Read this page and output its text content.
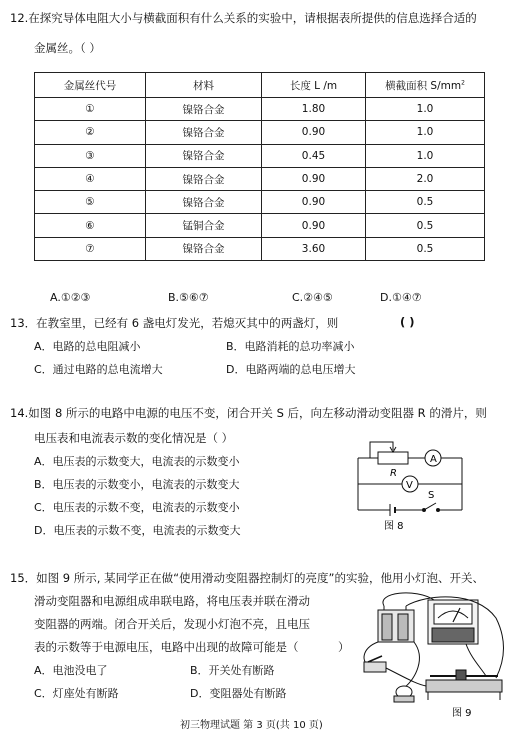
12.在探究导体电阻大小与横截面积有什么关系的实验中，请根据表所提供的信息选择合适的
金属丝。（ ）
金属丝代号	材料	长度 L /m	横截面积 $S/mm^2$
①	镍铬合金	1.80	1.0
②	镍铬合金	0.90	1.0
③	镍铬合金	0.45	1.0
④	镍铬合金	0.90	2.0
⑤	镍铬合金	0.90	0.5
⑥	锰铜合金	0.90	0.5
⑦	镍铬合金	3.60	0.5
A.①②③	B.⑤⑥⑦	C.②④⑤	D.①④⑦
13．在教室里，已经有 6 盏电灯发光，若熄灭其中的两盏灯，则	( )
A．电路的总电阻减小	B．电路消耗的总功率减小
C．通过电路的总电流增大	D．电路两端的总电压增大
14.如图 8 所示的电路中电源的电压不变，闭合开关 S 后，向左移动滑动变阻器 R 的滑片，则
电压表和电流表示数的变化情况是（ ）
A．电压表的示数变大，电流表的示数变小
B．电压表的示数变小，电流表的示数变大
C．电压表的示数不变，电流表的示数变小
D．电压表的示数不变，电流表的示数变大
R
A
V
S
图 8
15．如图 9 所示, 某同学正在做“使用滑动变阻器控制灯的亮度”的实验，他用小灯泡、开关、
滑动变阻器和电源组成串联电路，将电压表并联在滑动
变阻器的两端。闭合开关后，发现小灯泡不亮，且电压
表的示数等于电源电压，电路中出现的故障可能是（	）
A．电池没电了	B．开关处有断路
C．灯座处有断路	D．变阻器处有断路
图 9
初三物理试题 第 3 页(共 10 页)
